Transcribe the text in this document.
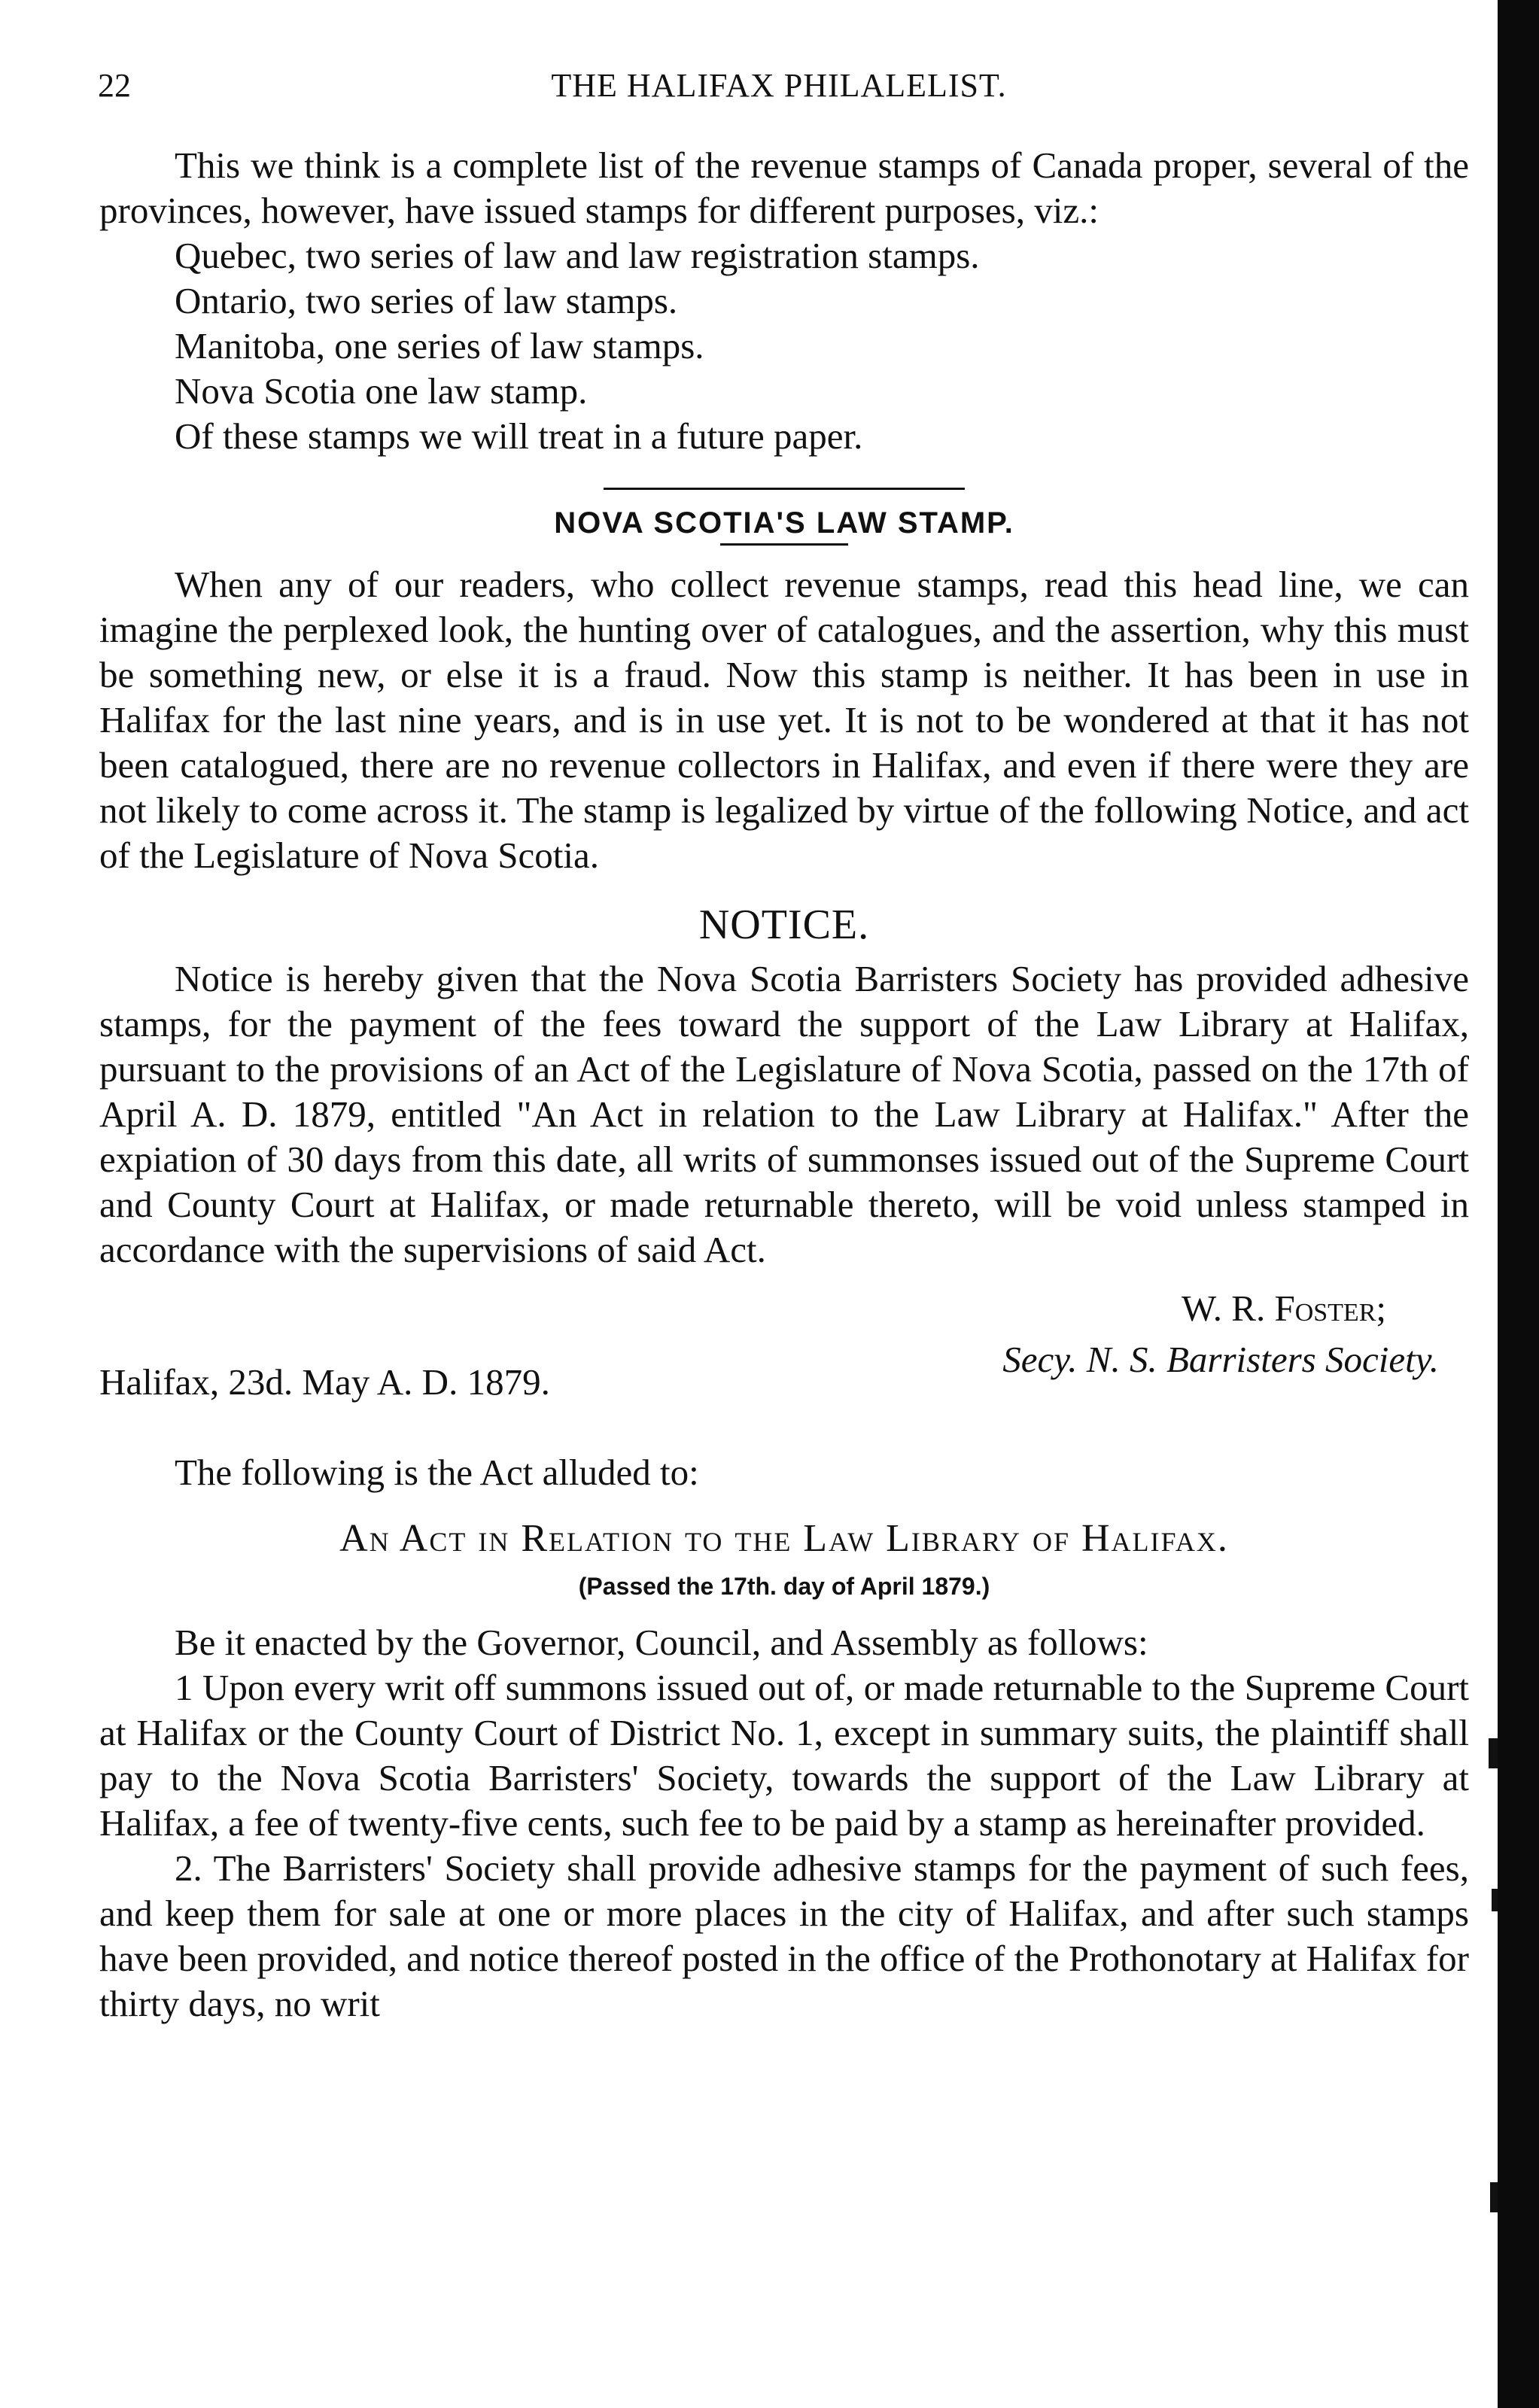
22	THE HALIFAX PHILALELIST.

This we think is a complete list of the revenue stamps of Canada proper, several of the provinces, however, have issued stamps for different purposes, viz.:

Quebec, two series of law and law registration stamps.
Ontario, two series of law stamps.
Manitoba, one series of law stamps.
Nova Scotia one law stamp.
Of these stamps we will treat in a future paper.
NOVA SCOTIA'S LAW STAMP.

When any of our readers, who collect revenue stamps, read this head line, we can imagine the perplexed look, the hunting over of catalogues, and the assertion, why this must be something new, or else it is a fraud. Now this stamp is neither. It has been in use in Halifax for the last nine years, and is in use yet. It is not to be wondered at that it has not been catalogued, there are no revenue collectors in Halifax, and even if there were they are not likely to come across it. The stamp is legalized by virtue of the following Notice, and act of the Legislature of Nova Scotia.

NOTICE.

Notice is hereby given that the Nova Scotia Barristers Society has provided adhesive stamps, for the payment of the fees toward the support of the Law Library at Halifax, pursuant to the provisions of an Act of the Legislature of Nova Scotia, passed on the 17th of April A. D. 1879, entitled "An Act in relation to the Law Library at Halifax." After the expiation of 30 days from this date, all writs of summonses issued out of the Supreme Court and County Court at Halifax, or made returnable thereto, will be void unless stamped in accordance with the supervisions of said Act.

W. R. Foster;
Secy. N. S. Barristers Society.
Halifax, 23d. May A. D. 1879.

The following is the Act alluded to:

An Act in Relation to the Law Library of Halifax.
(Passed the 17th. day of April 1879.)

Be it enacted by the Governor, Council, and Assembly as follows:

1 Upon every writ off summons issued out of, or made returnable to the Supreme Court at Halifax or the County Court of District No. 1, except in summary suits, the plaintiff shall pay to the Nova Scotia Barristers' Society, towards the support of the Law Library at Halifax, a fee of twenty-five cents, such fee to be paid by a stamp as hereinafter provided.

2. The Barristers' Society shall provide adhesive stamps for the payment of such fees, and keep them for sale at one or more places in the city of Halifax, and after such stamps have been provided, and notice thereof posted in the office of the Prothonotary at Halifax for thirty days, no writ
